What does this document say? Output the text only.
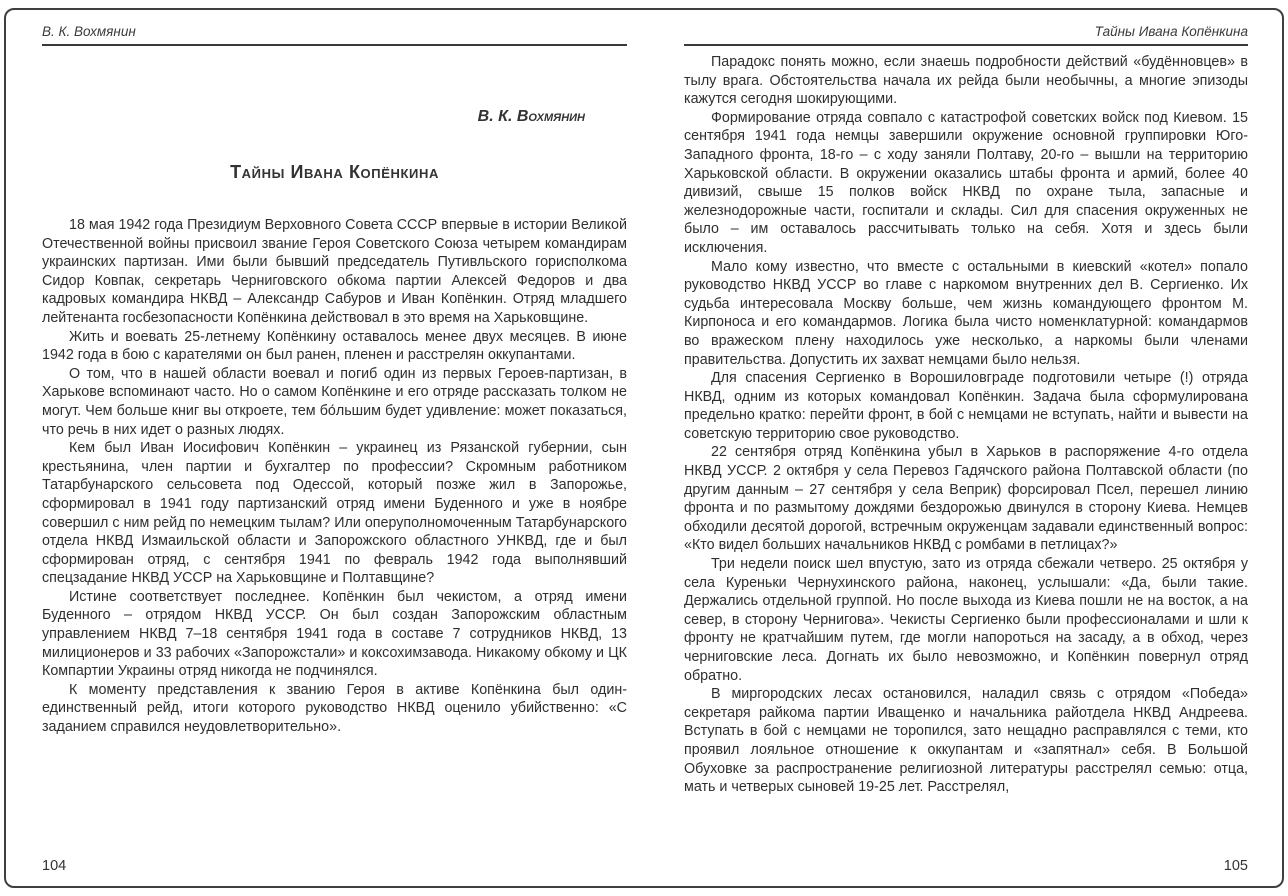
В. К. Вохмянин
В. К. Вохмянин
Тайны Ивана Копёнкина

18 мая 1942 года Президиум Верховного Совета СССР впервые в истории Великой Отечественной войны присвоил звание Героя Советского Союза четырем командирам украинских партизан. Ими были бывший председатель Путивльского горисполкома Сидор Ковпак, секретарь Черниговского обкома партии Алексей Федоров и два кадровых командира НКВД – Александр Сабуров и Иван Копёнкин. Отряд младшего лейтенанта госбезопасности Копёнкина действовал в это время на Харьковщине.

Жить и воевать 25-летнему Копёнкину оставалось менее двух месяцев. В июне 1942 года в бою с карателями он был ранен, пленен и расстрелян оккупантами.

О том, что в нашей области воевал и погиб один из первых Героев-партизан, в Харькове вспоминают часто. Но о самом Копёнкине и его отряде рассказать толком не могут. Чем больше книг вы откроете, тем бо́льшим будет удивление: может показаться, что речь в них идет о разных людях.

Кем был Иван Иосифович Копёнкин – украинец из Рязанской губернии, сын крестьянина, член партии и бухгалтер по профессии? Скромным работником Татарбунарского сельсовета под Одессой, который позже жил в Запорожье, сформировал в 1941 году партизанский отряд имени Буденного и уже в ноябре совершил с ним рейд по немецким тылам? Или оперуполномоченным Татарбунарского отдела НКВД Измаильской области и Запорожского областного УНКВД, где и был сформирован отряд, с сентября 1941 по февраль 1942 года выполнявший спецзадание НКВД УССР на Харьковщине и Полтавщине?

Истине соответствует последнее. Копёнкин был чекистом, а отряд имени Буденного – отрядом НКВД УССР. Он был создан Запорожским областным управлением НКВД 7–18 сентября 1941 года в составе 7 сотрудников НКВД, 13 милиционеров и 33 рабочих «Запорожстали» и коксохимзавода. Никакому обкому и ЦК Компартии Украины отряд никогда не подчинялся.

К моменту представления к званию Героя в активе Копёнкина был один-единственный рейд, итоги которого руководство НКВД оценило убийственно: «С заданием справился неудовлетворительно».

104
Тайны Ивана Копёнкина

Парадокс понять можно, если знаешь подробности действий «будённовцев» в тылу врага. Обстоятельства начала их рейда были необычны, а многие эпизоды кажутся сегодня шокирующими.

Формирование отряда совпало с катастрофой советских войск под Киевом. 15 сентября 1941 года немцы завершили окружение основной группировки Юго-Западного фронта, 18-го – с ходу заняли Полтаву, 20-го – вышли на территорию Харьковской области. В окружении оказались штабы фронта и армий, более 40 дивизий, свыше 15 полков войск НКВД по охране тыла, запасные и железнодорожные части, госпитали и склады. Сил для спасения окруженных не было – им оставалось рассчитывать только на себя. Хотя и здесь были исключения.

Мало кому известно, что вместе с остальными в киевский «котел» попало руководство НКВД УССР во главе с наркомом внутренних дел В. Сергиенко. Их судьба интересовала Москву больше, чем жизнь командующего фронтом М. Кирпоноса и его командармов. Логика была чисто номенклатурной: командармов во вражеском плену находилось уже несколько, а наркомы были членами правительства. Допустить их захват немцами было нельзя.

Для спасения Сергиенко в Ворошиловграде подготовили четыре (!) отряда НКВД, одним из которых командовал Копёнкин. Задача была сформулирована предельно кратко: перейти фронт, в бой с немцами не вступать, найти и вывести на советскую территорию свое руководство.

22 сентября отряд Копёнкина убыл в Харьков в распоряжение 4-го отдела НКВД УССР. 2 октября у села Перевоз Гадячского района Полтавской области (по другим данным – 27 сентября у села Веприк) форсировал Псел, перешел линию фронта и по размытому дождями бездорожью двинулся в сторону Киева. Немцев обходили десятой дорогой, встречным окруженцам задавали единственный вопрос: «Кто видел больших начальников НКВД с ромбами в петлицах?»

Три недели поиск шел впустую, зато из отряда сбежали четверо. 25 октября у села Куреньки Чернухинского района, наконец, услышали: «Да, были такие. Держались отдельной группой. Но после выхода из Киева пошли не на восток, а на север, в сторону Чернигова». Чекисты Сергиенко были профессионалами и шли к фронту не кратчайшим путем, где могли напороться на засаду, а в обход, через черниговские леса. Догнать их было невозможно, и Копёнкин повернул отряд обратно.

В миргородских лесах остановился, наладил связь с отрядом «Победа» секретаря райкома партии Иващенко и начальника райотдела НКВД Андреева. Вступать в бой с немцами не торопился, зато нещадно расправлялся с теми, кто проявил лояльное отношение к оккупантам и «запятнал» себя. В Большой Обуховке за распространение религиозной литературы расстрелял семью: отца, мать и четверых сыновей 19-25 лет. Расстрелял,

105
